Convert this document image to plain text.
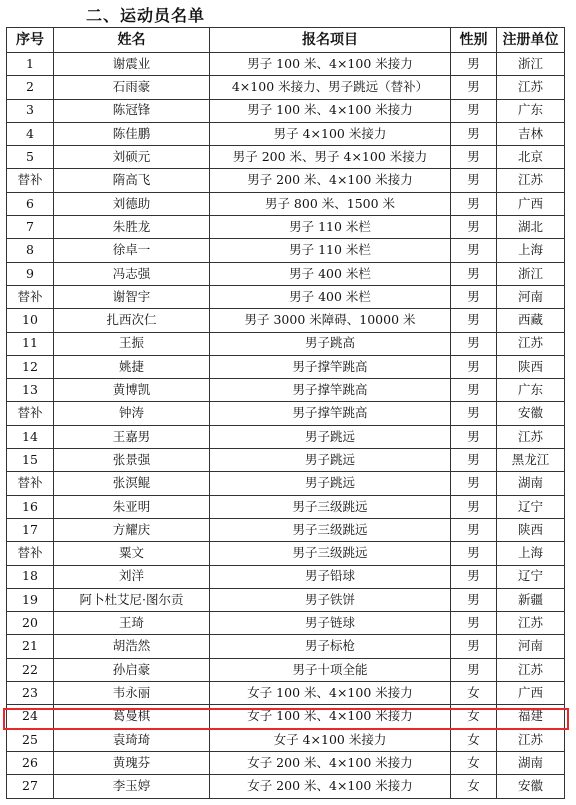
二、运动员名单
序号	姓名	报名项目	性别	注册单位
1	谢震业	男子 100 米、4×100 米接力	男	浙江
2	石雨豪	4×100 米接力、男子跳远（替补）	男	江苏
3	陈冠锋	男子 100 米、4×100 米接力	男	广东
4	陈佳鹏	男子 4×100 米接力	男	吉林
5	刘硕元	男子 200 米、男子 4×100 米接力	男	北京
替补	隋高飞	男子 200 米、4×100 米接力	男	江苏
6	刘德助	男子 800 米、1500 米	男	广西
7	朱胜龙	男子 110 米栏	男	湖北
8	徐卓一	男子 110 米栏	男	上海
9	冯志强	男子 400 米栏	男	浙江
替补	谢智宇	男子 400 米栏	男	河南
10	扎西次仁	男子 3000 米障碍、10000 米	男	西藏
11	王振	男子跳高	男	江苏
12	姚捷	男子撑竿跳高	男	陕西
13	黄博凯	男子撑竿跳高	男	广东
替补	钟涛	男子撑竿跳高	男	安徽
14	王嘉男	男子跳远	男	江苏
15	张景强	男子跳远	男	黑龙江
替补	张溟鲲	男子跳远	男	湖南
16	朱亚明	男子三级跳远	男	辽宁
17	方耀庆	男子三级跳远	男	陕西
替补	粟文	男子三级跳远	男	上海
18	刘洋	男子铅球	男	辽宁
19	阿卜杜艾尼·图尔贡	男子铁饼	男	新疆
20	王琦	男子链球	男	江苏
21	胡浩然	男子标枪	男	河南
22	孙启豪	男子十项全能	男	江苏
23	韦永丽	女子 100 米、4×100 米接力	女	广西
24	葛曼棋	女子 100 米、4×100 米接力	女	福建
25	袁琦琦	女子 4×100 米接力	女	江苏
26	黄瑰芬	女子 200 米、4×100 米接力	女	湖南
27	李玉婷	女子 200 米、4×100 米接力	女	安徽
